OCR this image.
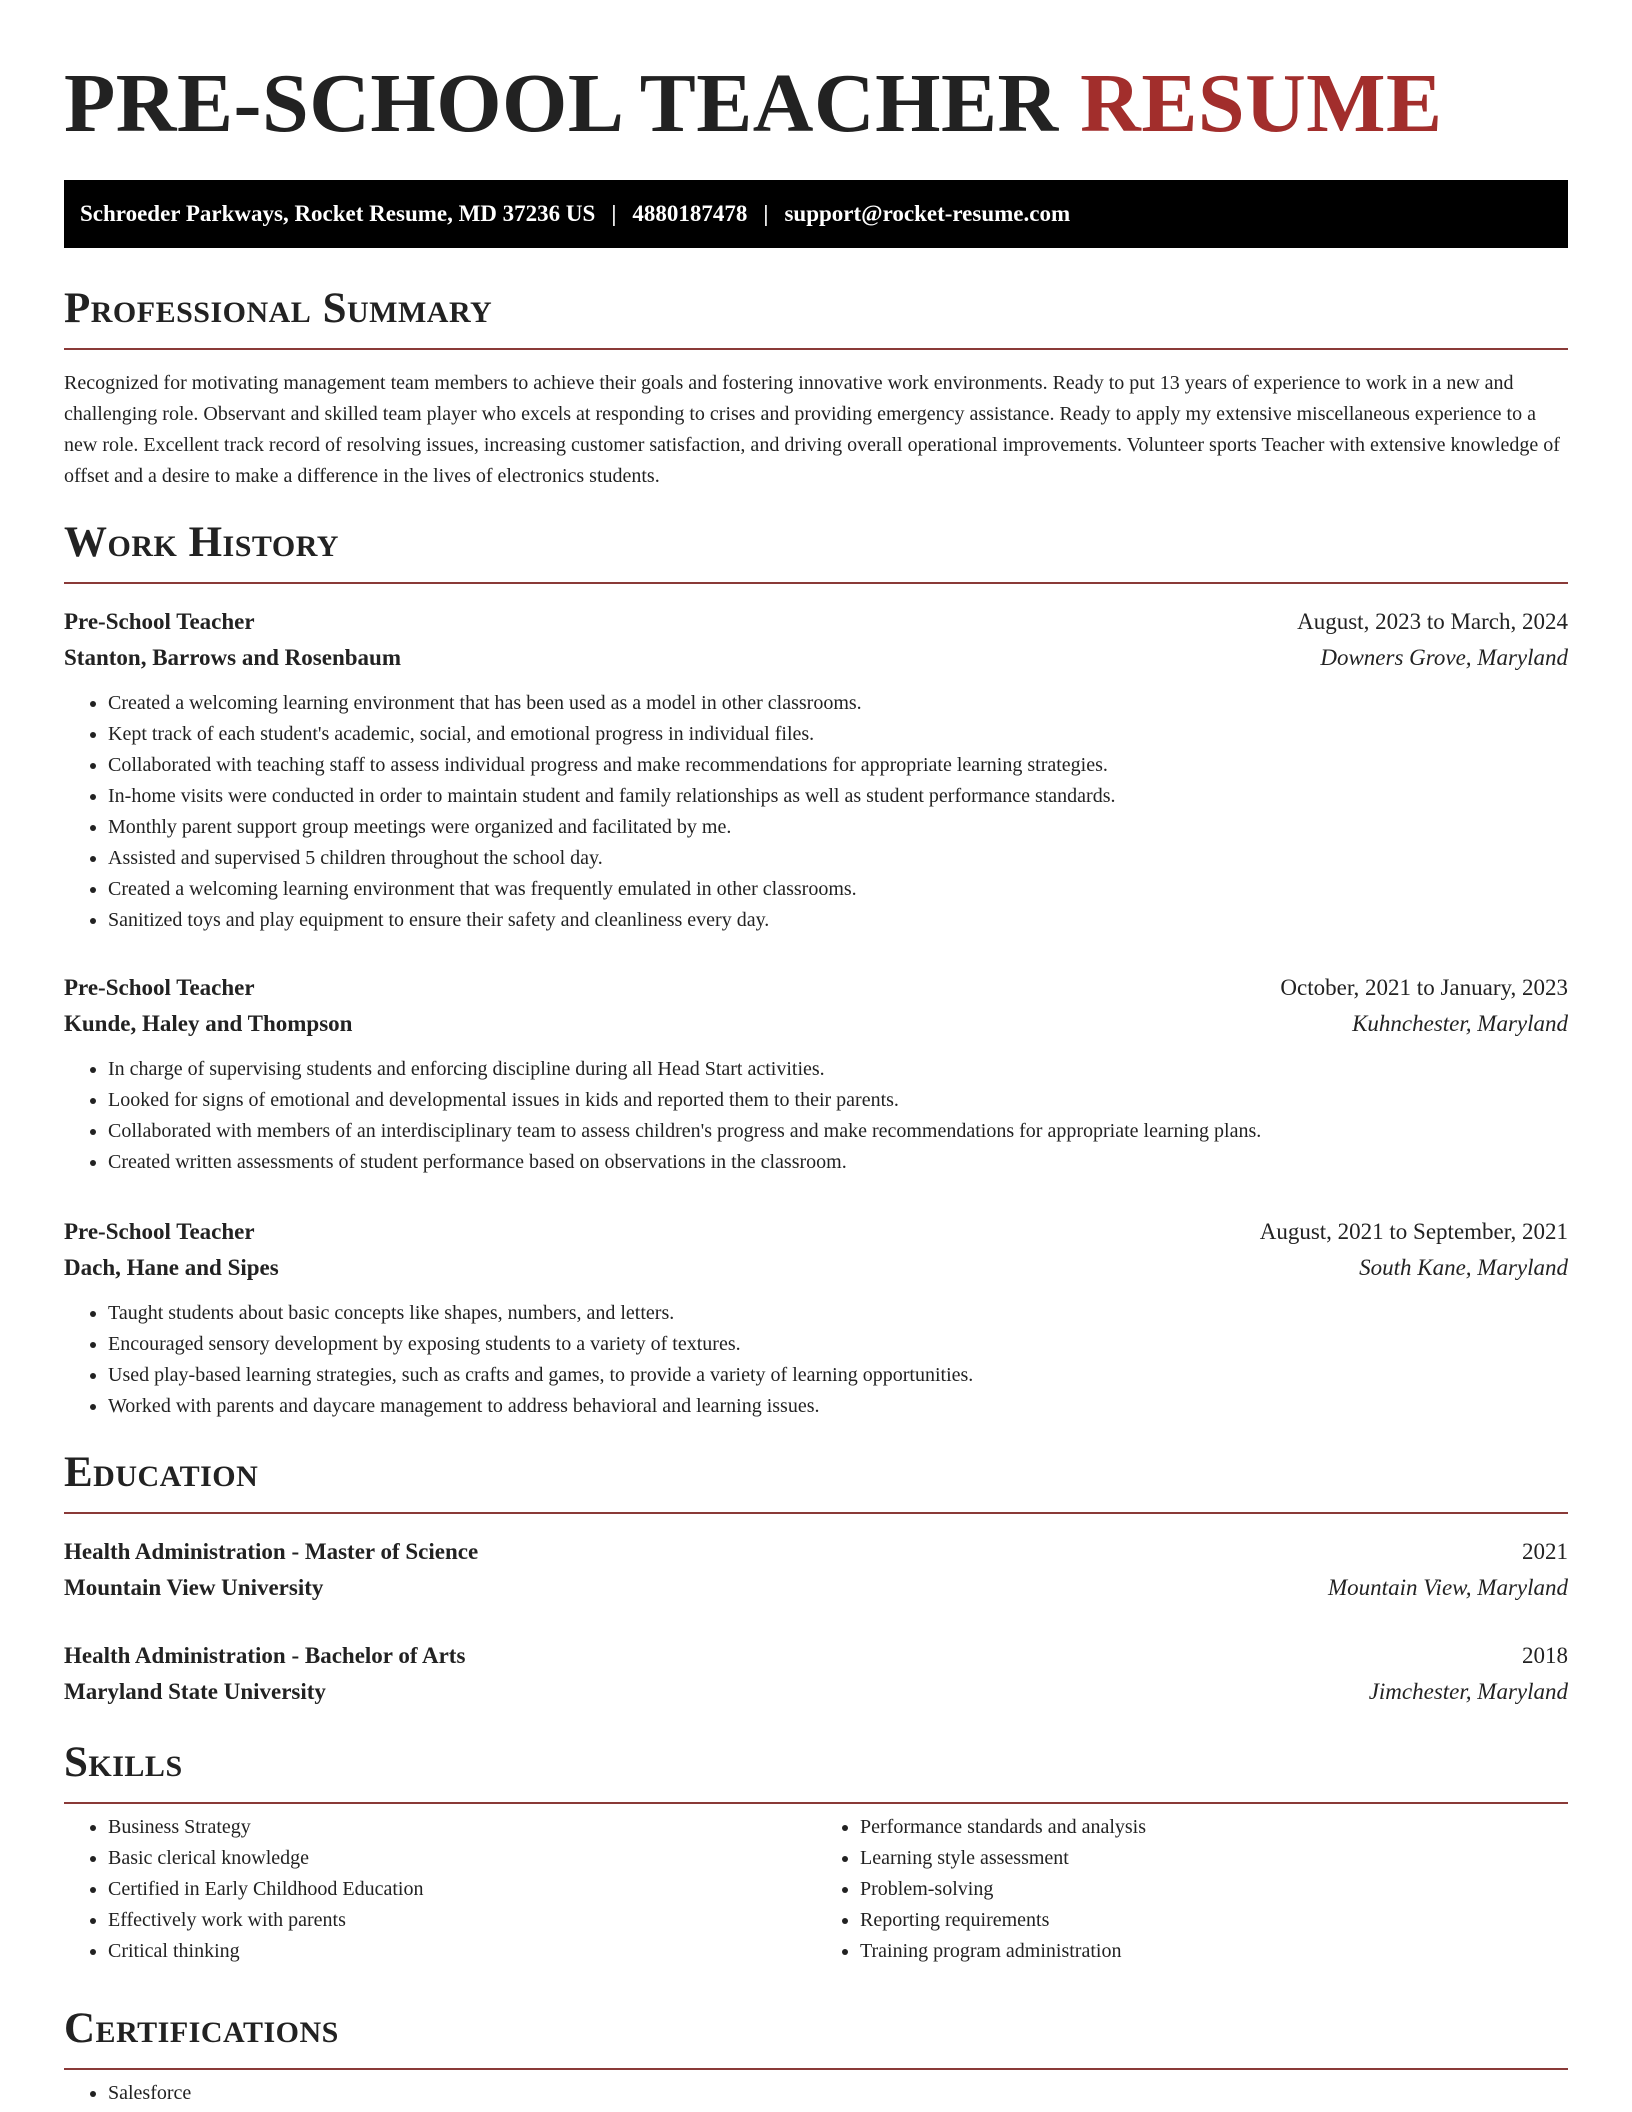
PRE-SCHOOL TEACHER RESUME
Schroeder Parkways, Rocket Resume, MD 37236 US | 4880187478 | support@rocket-resume.com
Professional Summary

Recognized for motivating management team members to achieve their goals and fostering innovative work environments. Ready to put 13 years of experience to work in a new and challenging role. Observant and skilled team player who excels at responding to crises and providing emergency assistance. Ready to apply my extensive miscellaneous experience to a new role. Excellent track record of resolving issues, increasing customer satisfaction, and driving overall operational improvements. Volunteer sports Teacher with extensive knowledge of offset and a desire to make a difference in the lives of electronics students.

Work History
Pre-School Teacher	August, 2023 to March, 2024
Stanton, Barrows and Rosenbaum	Downers Grove, Maryland
• Created a welcoming learning environment that has been used as a model in other classrooms.
• Kept track of each student's academic, social, and emotional progress in individual files.
• Collaborated with teaching staff to assess individual progress and make recommendations for appropriate learning strategies.
• In-home visits were conducted in order to maintain student and family relationships as well as student performance standards.
• Monthly parent support group meetings were organized and facilitated by me.
• Assisted and supervised 5 children throughout the school day.
• Created a welcoming learning environment that was frequently emulated in other classrooms.
• Sanitized toys and play equipment to ensure their safety and cleanliness every day.
Pre-School Teacher	October, 2021 to January, 2023
Kunde, Haley and Thompson	Kuhnchester, Maryland
• In charge of supervising students and enforcing discipline during all Head Start activities.
• Looked for signs of emotional and developmental issues in kids and reported them to their parents.
• Collaborated with members of an interdisciplinary team to assess children's progress and make recommendations for appropriate learning plans.
• Created written assessments of student performance based on observations in the classroom.
Pre-School Teacher	August, 2021 to September, 2021
Dach, Hane and Sipes	South Kane, Maryland
• Taught students about basic concepts like shapes, numbers, and letters.
• Encouraged sensory development by exposing students to a variety of textures.
• Used play-based learning strategies, such as crafts and games, to provide a variety of learning opportunities.
• Worked with parents and daycare management to address behavioral and learning issues.
Education
Health Administration - Master of Science	2021
Mountain View University	Mountain View, Maryland
Health Administration - Bachelor of Arts	2018
Maryland State University	Jimchester, Maryland
Skills
• Business Strategy
• Basic clerical knowledge
• Certified in Early Childhood Education
• Effectively work with parents
• Critical thinking
• Performance standards and analysis
• Learning style assessment
• Problem-solving
• Reporting requirements
• Training program administration
Certifications
• Salesforce
